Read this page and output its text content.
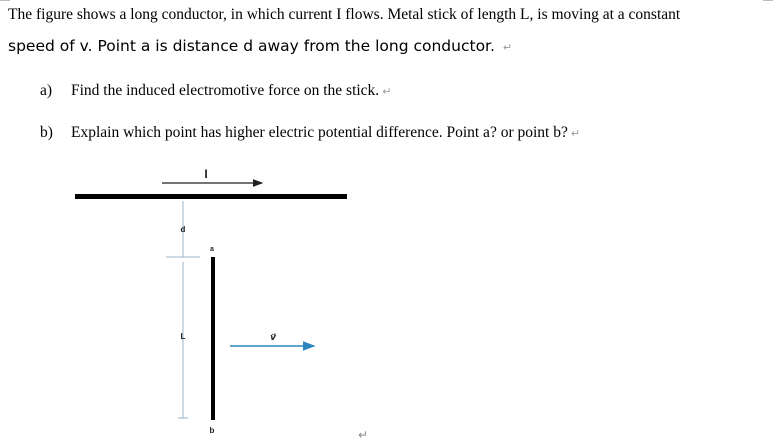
The figure shows a long conductor, in which current I flows. Metal stick of length L, is moving at a constant
speed of v. Point a is distance d away from the long conductor. ↵
a) Find the induced electromotive force on the stick. ↵
b) Explain which point has higher electric potential difference. Point a? or point b? ↵
I
d
a
L	v⃗
b	↵
